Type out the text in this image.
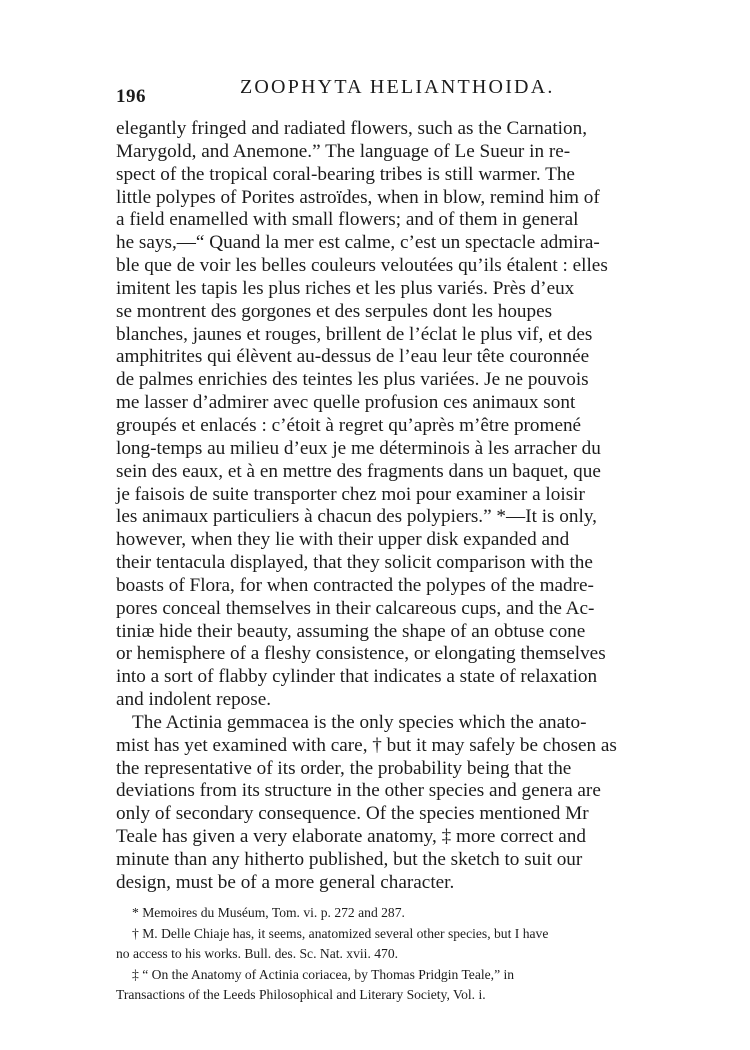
196	ZOOPHYTA HELIANTHOIDA.
elegantly fringed and radiated flowers, such as the Carnation,
Marygold, and Anemone.” The language of Le Sueur in re-
spect of the tropical coral-bearing tribes is still warmer. The
little polypes of Porites astroïdes, when in blow, remind him of
a field enamelled with small flowers; and of them in general
he says,—“ Quand la mer est calme, c’est un spectacle admira-
ble que de voir les belles couleurs veloutées qu’ils étalent : elles
imitent les tapis les plus riches et les plus variés. Près d’eux
se montrent des gorgones et des serpules dont les houpes
blanches, jaunes et rouges, brillent de l’éclat le plus vif, et des
amphitrites qui élèvent au-dessus de l’eau leur tête couronnée
de palmes enrichies des teintes les plus variées. Je ne pouvois
me lasser d’admirer avec quelle profusion ces animaux sont
groupés et enlacés : c’étoit à regret qu’après m’être promené
long-temps au milieu d’eux je me déterminois à les arracher du
sein des eaux, et à en mettre des fragments dans un baquet, que
je faisois de suite transporter chez moi pour examiner a loisir
les animaux particuliers à chacun des polypiers.” *—It is only,
however, when they lie with their upper disk expanded and
their tentacula displayed, that they solicit comparison with the
boasts of Flora, for when contracted the polypes of the madre-
pores conceal themselves in their calcareous cups, and the Ac-
tiniæ hide their beauty, assuming the shape of an obtuse cone
or hemisphere of a fleshy consistence, or elongating themselves
into a sort of flabby cylinder that indicates a state of relaxation
and indolent repose.
The Actinia gemmacea is the only species which the anato-
mist has yet examined with care, † but it may safely be chosen as
the representative of its order, the probability being that the
deviations from its structure in the other species and genera are
only of secondary consequence. Of the species mentioned Mr
Teale has given a very elaborate anatomy, ‡ more correct and
minute than any hitherto published, but the sketch to suit our
design, must be of a more general character.
* Memoires du Muséum, Tom. vi. p. 272 and 287.
† M. Delle Chiaje has, it seems, anatomized several other species, but I have
no access to his works. Bull. des. Sc. Nat. xvii. 470.
‡ “ On the Anatomy of Actinia coriacea, by Thomas Pridgin Teale,” in
Transactions of the Leeds Philosophical and Literary Society, Vol. i.
